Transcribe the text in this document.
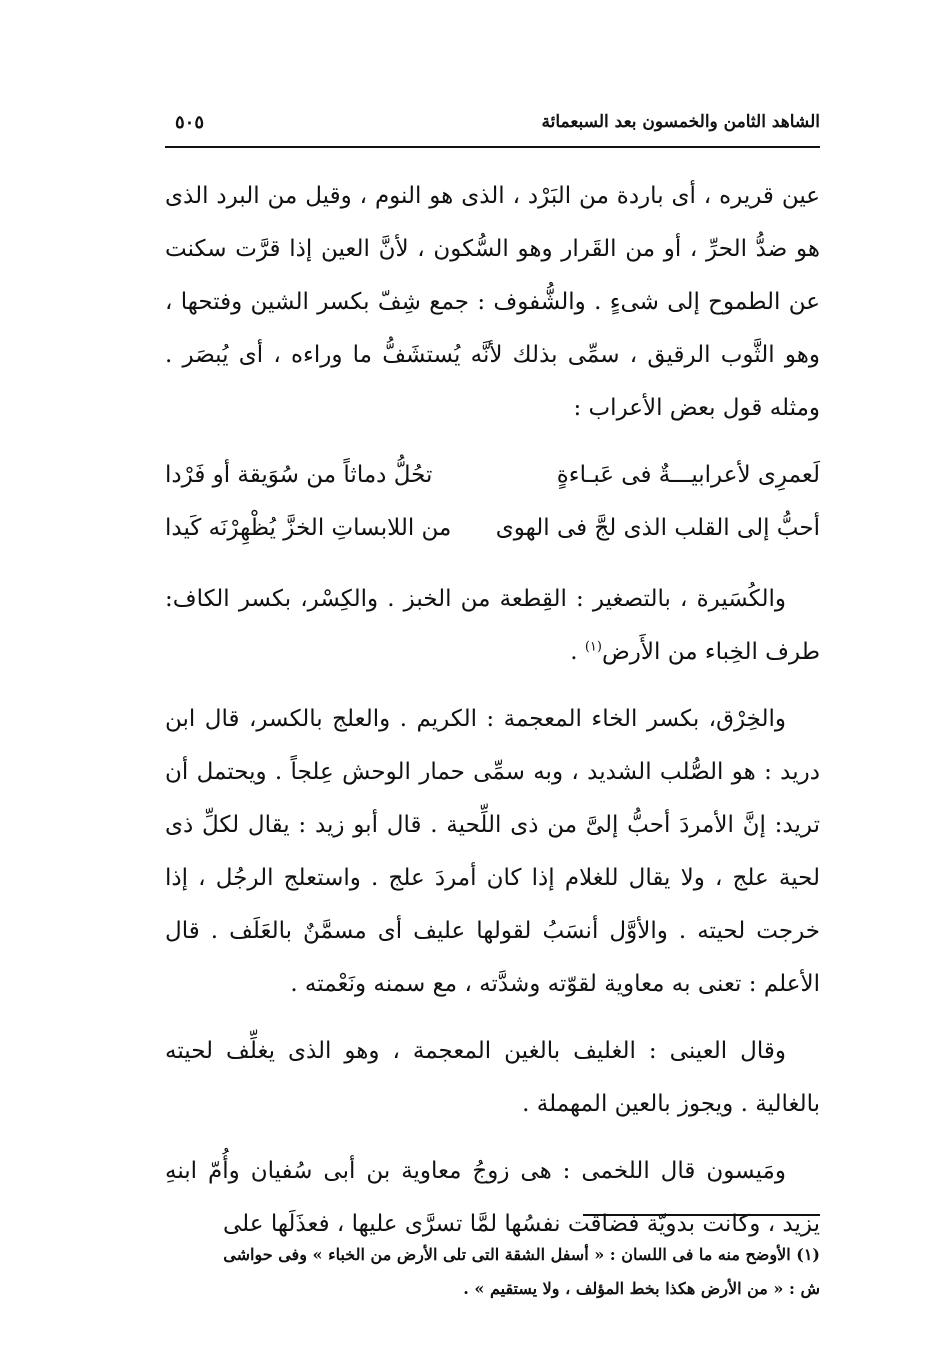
الشاهد الثامن والخمسون بعد السبعمائة
٥٠٥

عين قريره ، أى باردة من البَرْد ، الذى هو النوم ، وقيل من البرد الذى هو ضدُّ الحرِّ ، أو من القَرار وهو السُّكون ، لأنَّ العين إذا قرَّت سكنت عن الطموح إلى شىءٍ . والشُّفوف : جمع شِفّ بكسر الشين وفتحها ، وهو الثَّوب الرقيق ، سمِّى بذلك لأنَّه يُستشَفُّ ما وراءه ، أى يُبصَر . ومثله قول بعض الأعراب :

لَعمرِى لأعرابيـــةٌ فى عَبـاءةٍ
تحُلُّ دماثاً من سُوَيقة أو فَرْدا
أحبُّ إلى القلب الذى لجَّ فى الهوى
من اللابساتِ الخزَّ يُظْهِرْنَه كَيدا

والكُسَيرة ، بالتصغير : القِطعة من الخبز . والكِسْر، بكسر الكاف: طرف الخِباء من الأَرض$^{(١)}$ .

والخِرْق، بكسر الخاء المعجمة : الكريم . والعلج بالكسر، قال ابن دريد : هو الصُّلب الشديد ، وبه سمِّى حمار الوحش عِلجاً . ويحتمل أن تريد: إنَّ الأمردَ أحبُّ إلىَّ من ذى اللِّحية . قال أبو زيد : يقال لكلِّ ذى لحية علج ، ولا يقال للغلام إذا كان أمردَ علج . واستعلج الرجُل ، إذا خرجت لحيته . والأوَّل أنسَبُ لقولها عليف أى مسمَّنٌ بالعَلَف . قال الأعلم : تعنى به معاوية لقوّته وشدَّته ، مع سمنه ونَعْمته .

وقال العينى : الغليف بالغين المعجمة ، وهو الذى يغلِّف لحيته بالغالية . ويجوز بالعين المهملة .

ومَيسون قال اللخمى : هى زوجُ معاوية بن أبى سُفيان وأُمّ ابنهِ يزيد ، وكانت بدويّة فضاقت نفسُها لمَّا تسرَّى عليها ، فعذَلَها على

(١) الأوضح منه ما فى اللسان : « أسفل الشقة التى تلى الأرض من الخباء » وفى حواشى

ش : « من الأرض هكذا بخط المؤلف ، ولا يستقيم » .
